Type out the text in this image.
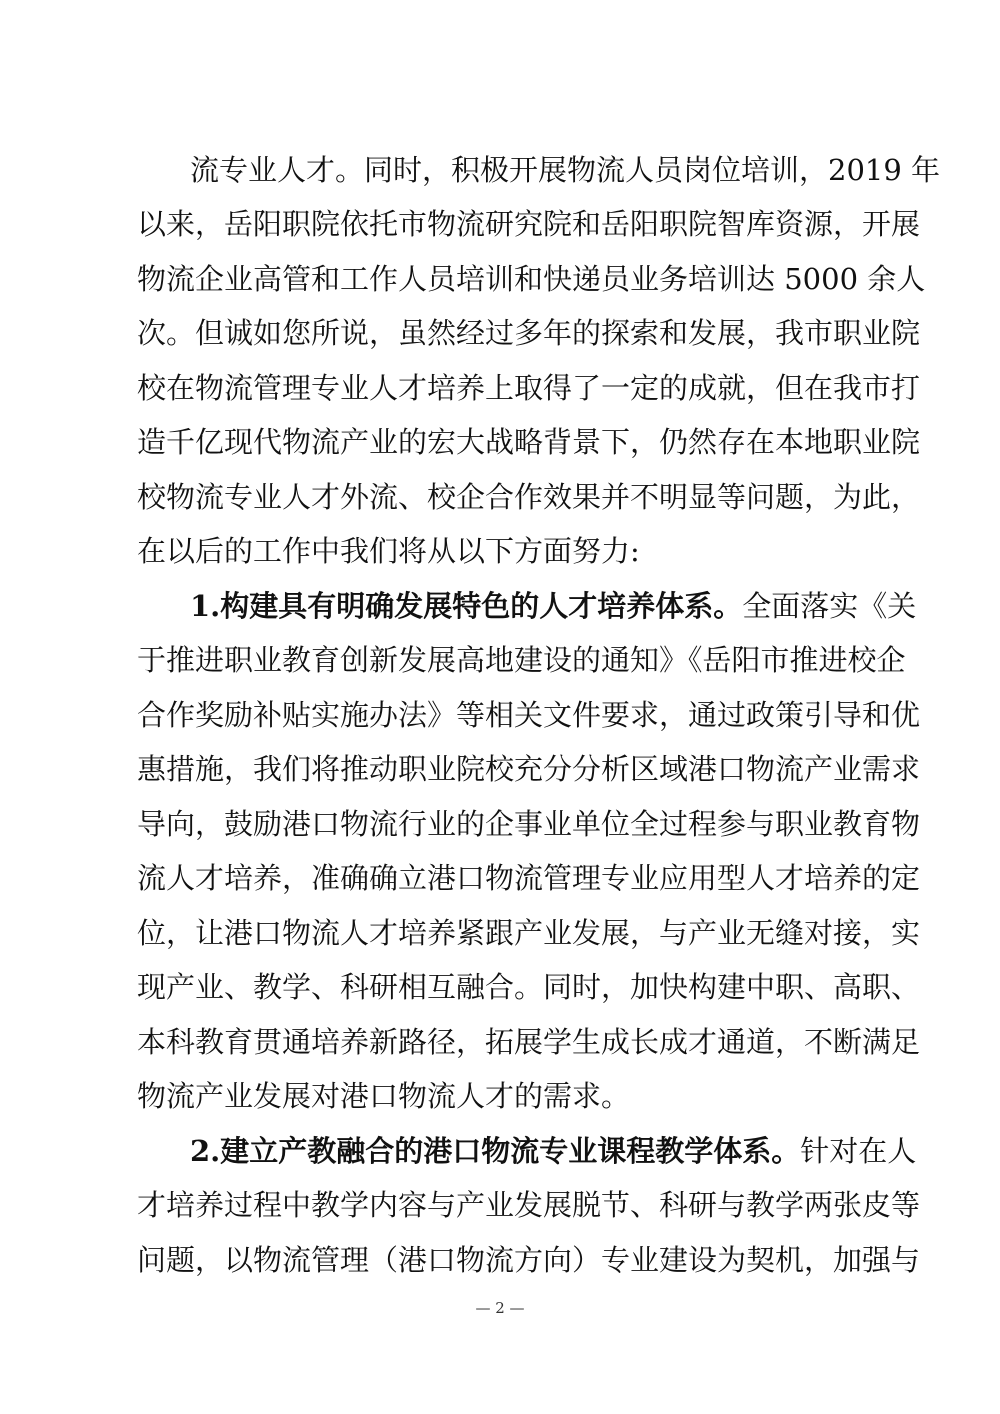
流专业人才。同时，积极开展物流人员岗位培训，2019 年
以来，岳阳职院依托市物流研究院和岳阳职院智库资源，开展
物流企业高管和工作人员培训和快递员业务培训达 5000 余人
次。但诚如您所说，虽然经过多年的探索和发展，我市职业院
校在物流管理专业人才培养上取得了一定的成就，但在我市打
造千亿现代物流产业的宏大战略背景下，仍然存在本地职业院
校物流专业人才外流、校企合作效果并不明显等问题，为此，
在以后的工作中我们将从以下方面努力:
1.构建具有明确发展特色的人才培养体系。全面落实《关
于推进职业教育创新发展高地建设的通知》《岳阳市推进校企
合作奖励补贴实施办法》等相关文件要求，通过政策引导和优
惠措施，我们将推动职业院校充分分析区域港口物流产业需求
导向，鼓励港口物流行业的企事业单位全过程参与职业教育物
流人才培养，准确确立港口物流管理专业应用型人才培养的定
位，让港口物流人才培养紧跟产业发展，与产业无缝对接，实
现产业、教学、科研相互融合。同时，加快构建中职、高职、
本科教育贯通培养新路径，拓展学生成长成才通道，不断满足
物流产业发展对港口物流人才的需求。
2.建立产教融合的港口物流专业课程教学体系。针对在人
才培养过程中教学内容与产业发展脱节、科研与教学两张皮等
问题，以物流管理（港口物流方向）专业建设为契机，加强与
— 2 —
